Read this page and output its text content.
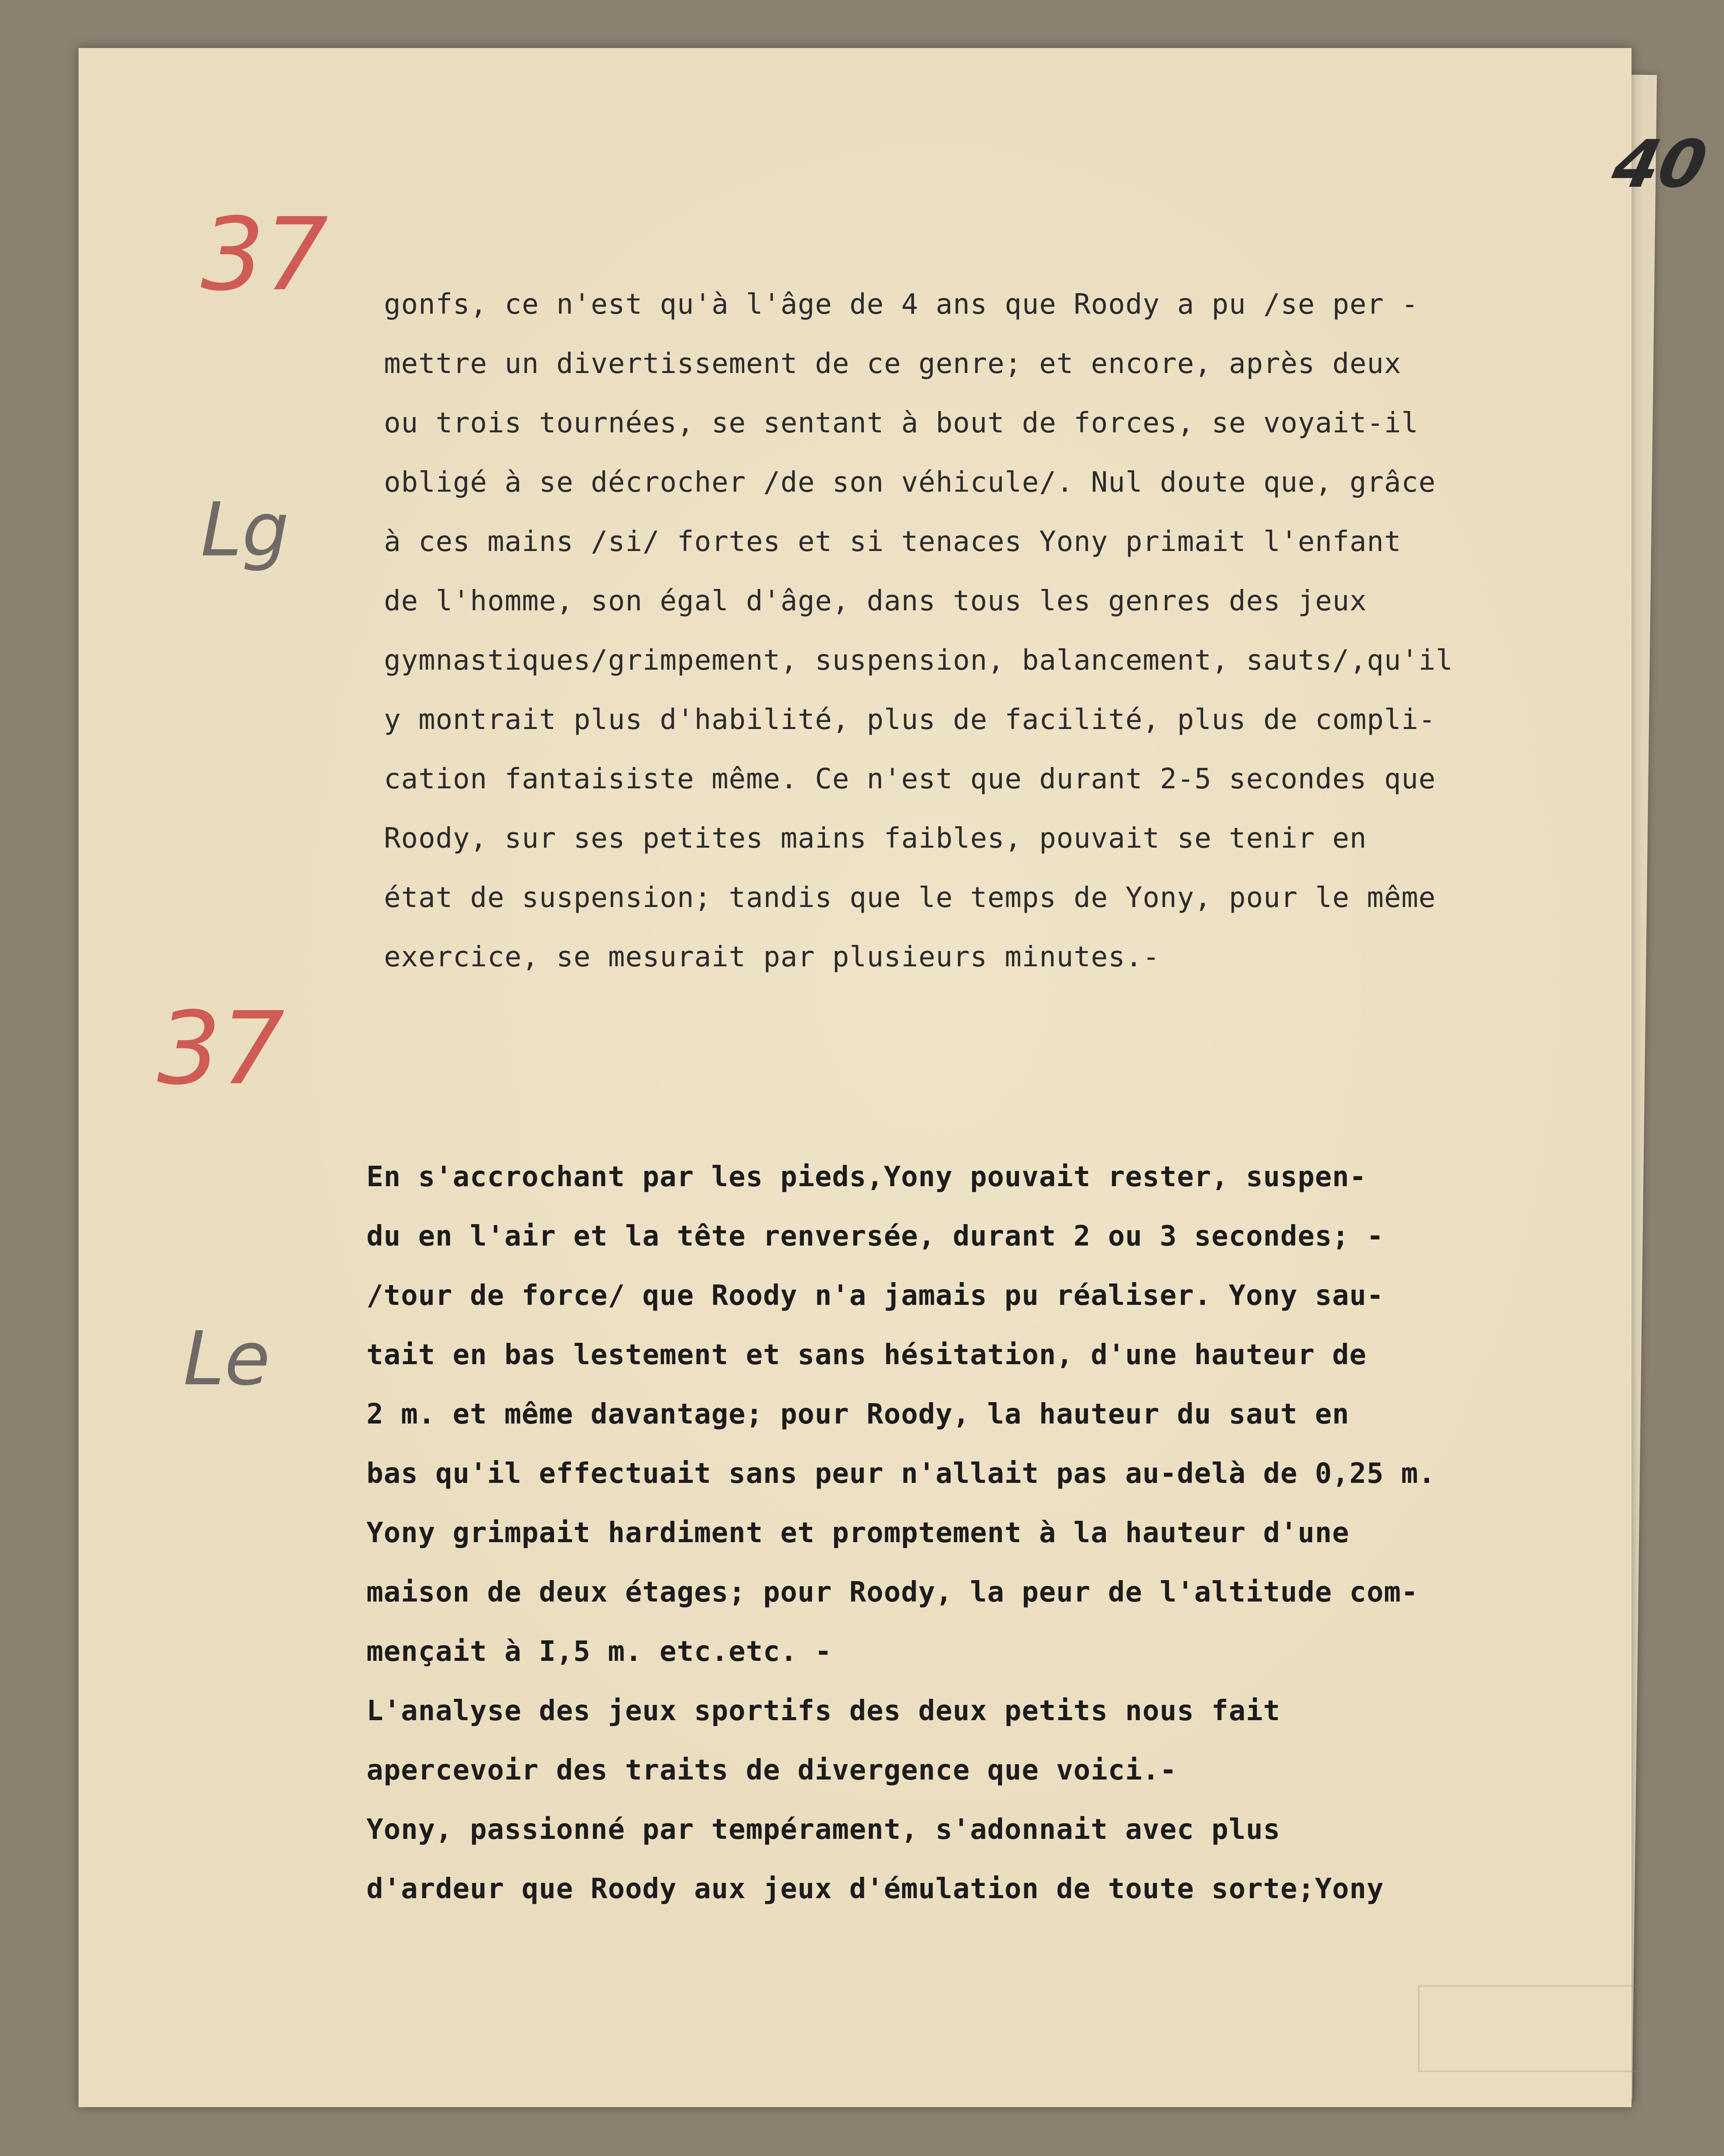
40
37
Lg
37
Le
gonfs, ce n'est qu'à l'âge de 4 ans que Roody a pu /se per -
mettre un divertissement de ce genre; et encore, après deux
ou trois tournées, se sentant à bout de forces, se voyait-il
obligé à se décrocher /de son véhicule/. Nul doute que, grâce
à ces mains /si/ fortes et si tenaces Yony primait l'enfant
de l'homme, son égal d'âge, dans tous les genres des jeux
gymnastiques/grimpement, suspension, balancement, sauts/,qu'il
y montrait plus d'habilité, plus de facilité, plus de compli-
cation fantaisiste même. Ce n'est que durant 2-5 secondes que
Roody, sur ses petites mains faibles, pouvait se tenir en
état de suspension; tandis que le temps de Yony, pour le même
exercice, se mesurait par plusieurs minutes.-
En s'accrochant par les pieds,Yony pouvait rester, suspen-
du en l'air et la tête renversée, durant 2 ou 3 secondes; -
/tour de force/ que Roody n'a jamais pu réaliser. Yony sau-
tait en bas lestement et sans hésitation, d'une hauteur de
2 m. et même davantage; pour Roody, la hauteur du saut en
bas qu'il effectuait sans peur n'allait pas au-delà de 0,25 m.
Yony grimpait hardiment et promptement à la hauteur d'une
maison de deux étages; pour Roody, la peur de l'altitude com-
mençait à I,5 m. etc.etc. -
L'analyse des jeux sportifs des deux petits nous fait
apercevoir des traits de divergence que voici.-
Yony, passionné par tempérament, s'adonnait avec plus
d'ardeur que Roody aux jeux d'émulation de toute sorte;Yony
